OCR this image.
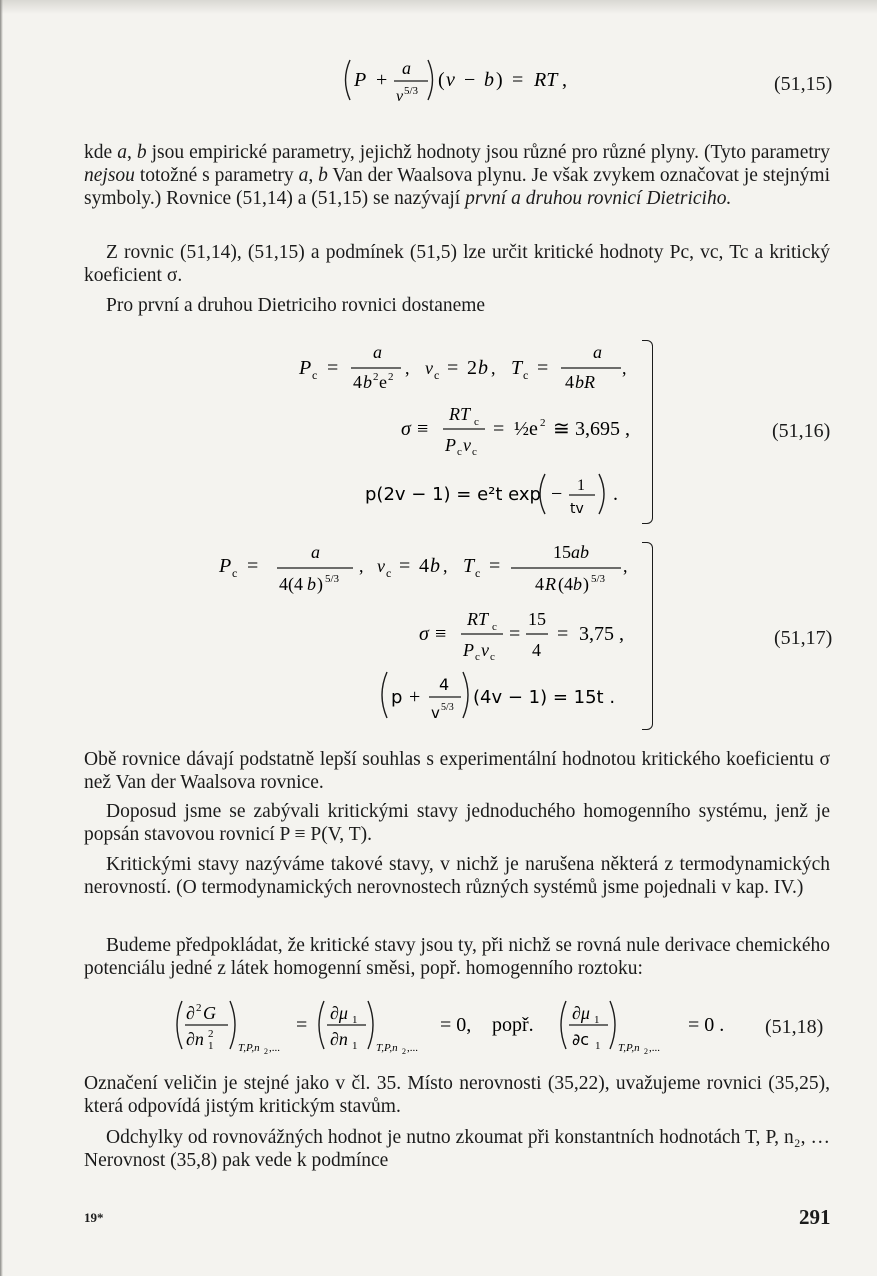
P +
a
v 5/3 ( v − b ) = RT ,	(51,15)

kde a, b jsou empirické parametry, jejichž hodnoty jsou různé pro různé plyny. (Tyto parametry nejsou totožné s parametry a, b Van der Waalsova plynu. Je však zvykem označovat je stejnými symboly.) Rovnice (51,14) a (51,15) se nazývají první a druhou rovnicí Dietriciho.

Z rovnic (51,14), (51,15) a podmínek (51,5) lze určit kritické hodnoty Pc, vc, Tc a kritický koeficient σ.

Pro první a druhou Dietriciho rovnici dostaneme

P c =
a
4 b 2 e 2 , v c = 2 b , T c =
a
4 bR
,
σ ≡
RT c
P c v c
= ½e 2 ≅ 3,695 ,
p(2v − 1) = e²t exp − 1
tv
.
(51,16)
P c =
a
4(4 b ) 5/3
, v c = 4 b , T c =
15 ab
4 R (4 b ) 5/3
,
σ ≡
RT c
P c v c
=
15
4
= 3,75 ,
p +
4
v 5/3 (4v − 1) = 15t .
(51,17)

Obě rovnice dávají podstatně lepší souhlas s experimentální hodnotou kritického koeficientu σ než Van der Waalsova rovnice.

Doposud jsme se zabývali kritickými stavy jednoduchého homogenního systému, jenž je popsán stavovou rovnicí P ≡ P(V, T).

Kritickými stavy nazýváme takové stavy, v nichž je narušena některá z termodynamických nerovností. (O termodynamických nerovnostech různých systémů jsme pojednali v kap. IV.)

Budeme předpokládat, že kritické stavy jsou ty, při nichž se rovná nule derivace chemického potenciálu jedné z látek homogenní směsi, popř. homogenního roztoku:

∂ 2 G
∂n 2
1 T,P,n 2 ,...
=
∂μ 1
∂n 1 T,P,n 2 ,...
= 0, popř.
∂μ 1
∂c 1 T,P,n 2 ,...
= 0 . (51,18)

Označení veličin je stejné jako v čl. 35. Místo nerovnosti (35,22), uvažujeme rovnici (35,25), která odpovídá jistým kritickým stavům.

Odchylky od rovnovážných hodnot je nutno zkoumat při konstantních hodnotách T, P, n₂, … Nerovnost (35,8) pak vede k podmínce

19*	291
